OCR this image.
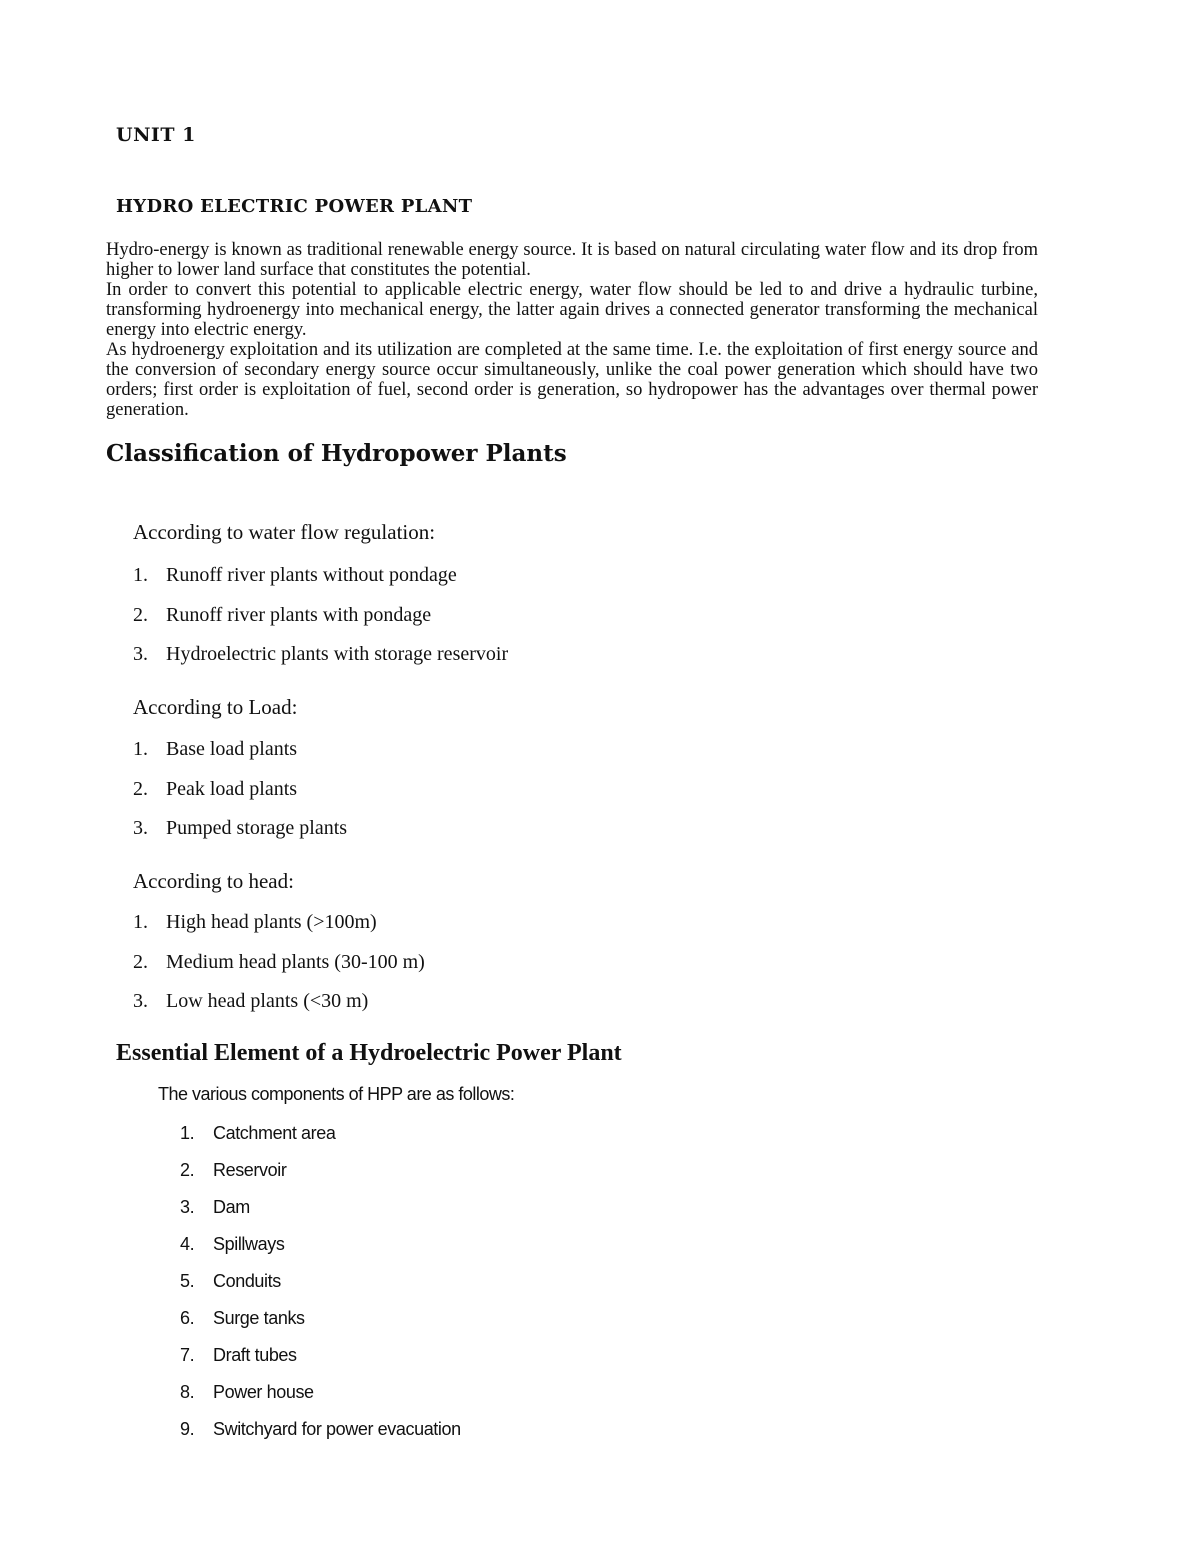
UNIT 1
HYDRO ELECTRIC POWER PLANT

Hydro-energy is known as traditional renewable energy source. It is based on natural circulating water flow and its drop from higher to lower land surface that constitutes the potential.

In order to convert this potential to applicable electric energy, water flow should be led to and drive a hydraulic turbine, transforming hydroenergy into mechanical energy, the latter again drives a connected generator transforming the mechanical energy into electric energy.

As hydroenergy exploitation and its utilization are completed at the same time. I.e. the exploitation of first energy source and the conversion of secondary energy source occur simultaneously, unlike the coal power generation which should have two orders; first order is exploitation of fuel, second order is generation, so hydropower has the advantages over thermal power generation.

Classification of Hydropower Plants
According to water flow regulation:
1. Runoff river plants without pondage
2. Runoff river plants with pondage
3. Hydroelectric plants with storage reservoir
According to Load:
1. Base load plants
2. Peak load plants
3. Pumped storage plants
According to head:
1. High head plants (>100m)
2. Medium head plants (30-100 m)
3. Low head plants (<30 m)
Essential Element of a Hydroelectric Power Plant
The various components of HPP are as follows:
1.	Catchment area
2.	Reservoir
3.	Dam
4.	Spillways
5.	Conduits
6.	Surge tanks
7.	Draft tubes
8.	Power house
9.	Switchyard for power evacuation
